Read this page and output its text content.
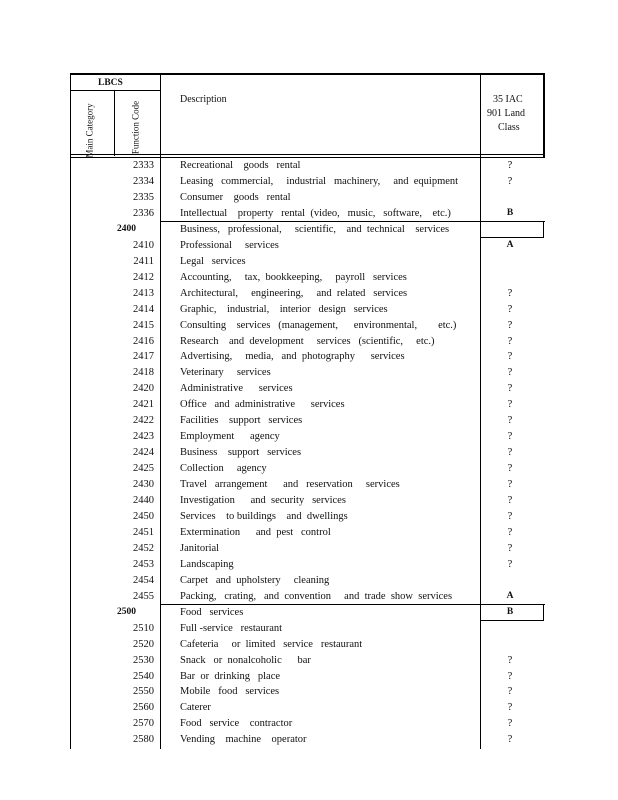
LBCS
Main Category	Function Code
Description	35 IAC
901 Land
Class
2333 Recreational    goods   rental	?
2334 Leasing   commercial,     industrial   machinery,     and  equipment	?
2335 Consumer    goods   rental
2336 Intellectual    property   rental  (video,   music,   software,    etc.)	B
2400	Business,   professional,     scientific,    and  technical    services
2410 Professional     services	A
2411 Legal   services
2412 Accounting,     tax,  bookkeeping,     payroll   services
2413 Architectural,     engineering,     and  related   services	?
2414 Graphic,    industrial,    interior   design   services	?
2415 Consulting    services   (management,      environmental,        etc.)	?
2416 Research    and  development     services   (scientific,     etc.)	?
2417 Advertising,     media,   and  photography      services	?
2418 Veterinary     services	?
2420 Administrative      services	?
2421 Office   and  administrative      services	?
2422 Facilities    support   services	?
2423 Employment      agency	?
2424 Business    support   services	?
2425 Collection     agency	?
2430 Travel   arrangement      and   reservation     services	?
2440 Investigation      and  security   services	?
2450 Services    to buildings    and  dwellings	?
2451 Extermination      and  pest   control	?
2452 Janitorial	?
2453 Landscaping	?
2454 Carpet   and  upholstery     cleaning
2455 Packing,   crating,   and  convention     and  trade  show  services	A
2500	Food   services	B
2510 Full -service   restaurant
2520 Cafeteria     or  limited   service   restaurant
2530 Snack   or  nonalcoholic      bar	?
2540 Bar  or  drinking   place	?
2550 Mobile   food   services	?
2560 Caterer	?
2570 Food   service    contractor	?
2580 Vending    machine    operator	?
